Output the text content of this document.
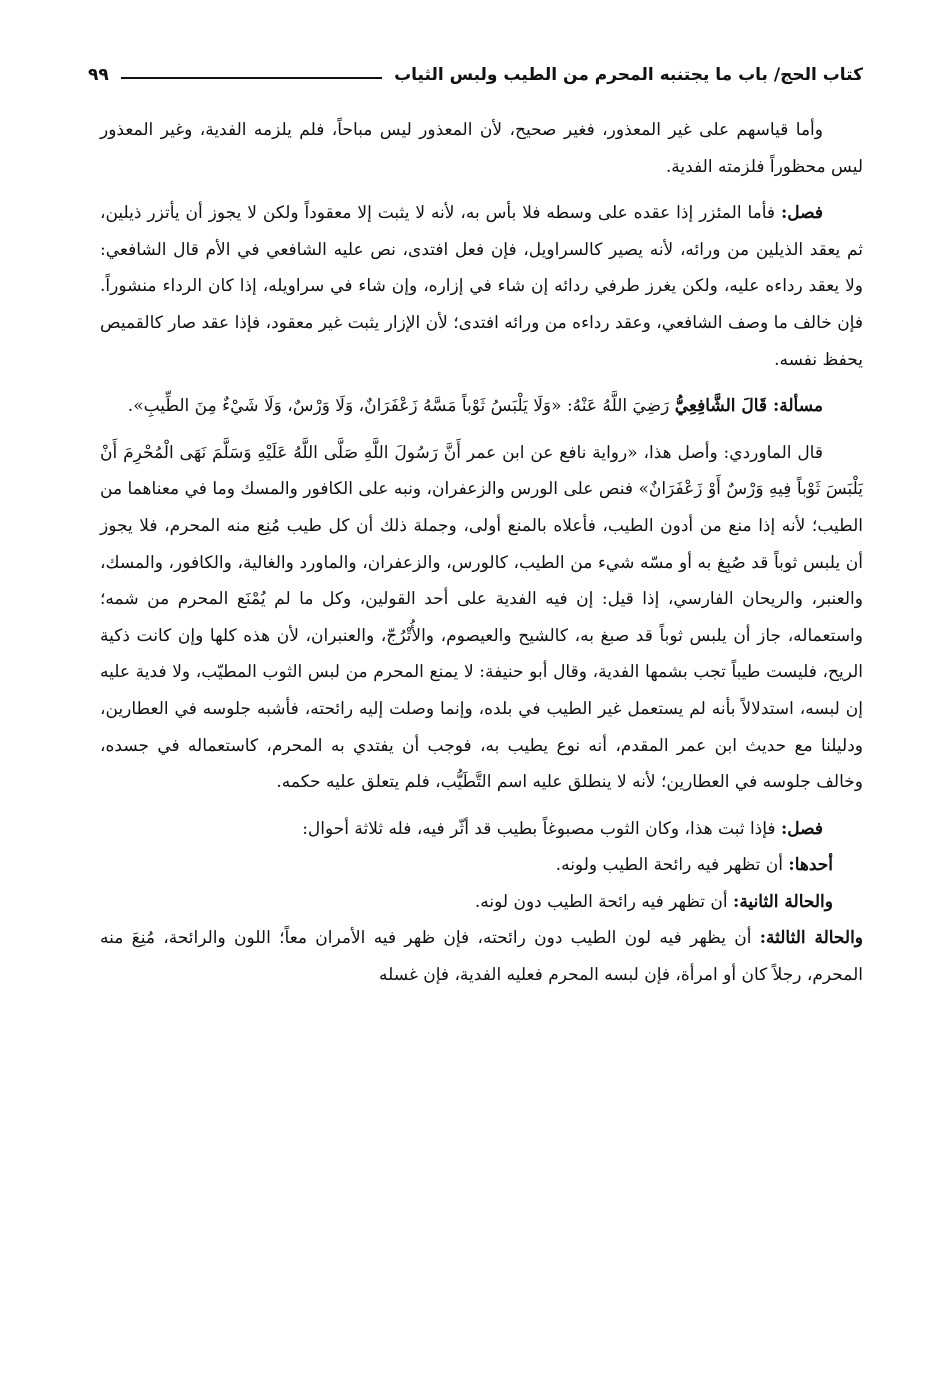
كتاب الحج/ باب ما يجتنبه المحرم من الطيب ولبس الثياب
٩٩

وأما قياسهم على غير المعذور، فغير صحيح، لأن المعذور ليس مباحاً، فلم يلزمه الفدية، وغير المعذور ليس محظوراً فلزمته الفدية.

فصل: فأما المئزر إذا عقده على وسطه فلا بأس به، لأنه لا يثبت إلا معقوداً ولكن لا يجوز أن يأتزر ذيلين، ثم يعقد الذيلين من ورائه، لأنه يصير كالسراويل، فإن فعل افتدى، نص عليه الشافعي في الأم قال الشافعي: ولا يعقد رداءه عليه، ولكن يغرز طرفي ردائه إن شاء في إزاره، وإن شاء في سراويله، إذا كان الرداء منشوراً. فإن خالف ما وصف الشافعي، وعقد رداءه من ورائه افتدى؛ لأن الإزار يثبت غير معقود، فإذا عقد صار كالقميص يحفظ نفسه.

مسألة: قَالَ الشَّافِعِيُّ رَضِيَ اللَّهُ عَنْهُ: «وَلَا يَلْبَسُ ثَوْباً مَسَّهُ زَعْفَرَانٌ، وَلَا وَرْسٌ، وَلَا شَيْءٌ مِنَ الطِّيبِ».

قال الماوردي: وأصل هذا، «رواية نافع عن ابن عمر أَنَّ رَسُولَ اللَّهِ صَلَّى اللَّهُ عَلَيْهِ وَسَلَّمَ نَهَى الْمُحْرِمَ أَنْ يَلْبَسَ ثَوْباً فِيهِ وَرْسٌ أَوْ زَعْفَرَانٌ» فنص على الورس والزعفران، ونبه على الكافور والمسك وما في معناهما من الطيب؛ لأنه إذا منع من أدون الطيب، فأعلاه بالمنع أولى، وجملة ذلك أن كل طيب مُنِع منه المحرم، فلا يجوز أن يلبس ثوباً قد صُبِغ به أو مسّه شيء من الطيب، كالورس، والزعفران، والماورد والغالية، والكافور، والمسك، والعنبر، والريحان الفارسي، إذا قيل: إن فيه الفدية على أحد القولين، وكل ما لم يُمْنَع المحرم من شمه؛ واستعماله، جاز أن يلبس ثوباً قد صبغ به، كالشيح والعيصوم، والأُتْرُجّ، والعنبران، لأن هذه كلها وإن كانت ذكية الريح، فليست طيباً تجب بشمها الفدية، وقال أبو حنيفة: لا يمنع المحرم من لبس الثوب المطيّب، ولا فدية عليه إن لبسه، استدلالاً بأنه لم يستعمل غير الطيب في بلده، وإنما وصلت إليه رائحته، فأشبه جلوسه في العطارين، ودليلنا مع حديث ابن عمر المقدم، أنه نوع يطيب به، فوجب أن يفتدي به المحرم، كاستعماله في جسده، وخالف جلوسه في العطارين؛ لأنه لا ينطلق عليه اسم التَّطَيُّب، فلم يتعلق عليه حكمه.

فصل: فإذا ثبت هذا، وكان الثوب مصبوغاً بطيب قد أثّر فيه، فله ثلاثة أحوال:

أحدها: أن تظهر فيه رائحة الطيب ولونه.

والحالة الثانية: أن تظهر فيه رائحة الطيب دون لونه.

والحالة الثالثة: أن يظهر فيه لون الطيب دون رائحته، فإن ظهر فيه الأمران معاً؛ اللون والرائحة، مُنِعَ منه المحرم، رجلاً كان أو امرأة، فإن لبسه المحرم فعليه الفدية، فإن غسله
